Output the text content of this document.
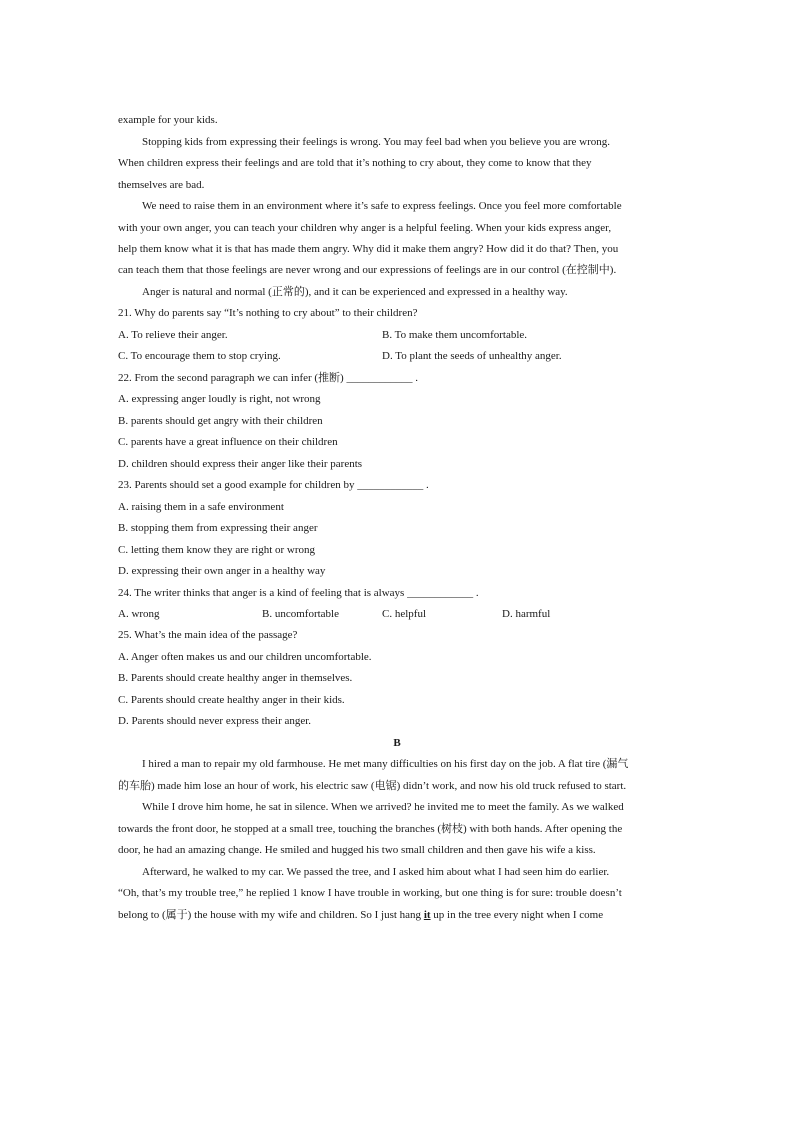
example for your kids.
Stopping kids from expressing their feelings is wrong. You may feel bad when you believe you are wrong.
When children express their feelings and are told that it’s nothing to cry about, they come to know that they
themselves are bad.
We need to raise them in an environment where it’s safe to express feelings. Once you feel more comfortable
with your own anger, you can teach your children why anger is a helpful feeling. When your kids express anger,
help them know what it is that has made them angry. Why did it make them angry? How did it do that? Then, you
can teach them that those feelings are never wrong and our expressions of feelings are in our control (在控制中).
Anger is natural and normal (正常的), and it can be experienced and expressed in a healthy way.
21. Why do parents say “It’s nothing to cry about” to their children?
A. To relieve their anger.	B. To make them uncomfortable.
C. To encourage them to stop crying.	D. To plant the seeds of unhealthy anger.
22. From the second paragraph we can infer (推断) ____________ .
A. expressing anger loudly is right, not wrong
B. parents should get angry with their children
C. parents have a great influence on their children
D. children should express their anger like their parents
23. Parents should set a good example for children by ____________ .
A. raising them in a safe environment
B. stopping them from expressing their anger
C. letting them know they are right or wrong
D. expressing their own anger in a healthy way
24. The writer thinks that anger is a kind of feeling that is always ____________ .
A. wrong	B. uncomfortable	C. helpful	D. harmful
25. What’s the main idea of the passage?
A. Anger often makes us and our children uncomfortable.
B. Parents should create healthy anger in themselves.
C. Parents should create healthy anger in their kids.
D. Parents should never express their anger.
B
I hired a man to repair my old farmhouse. He met many difficulties on his first day on the job. A flat tire (漏气
的车胎) made him lose an hour of work, his electric saw (电锯) didn’t work, and now his old truck refused to start.
While I drove him home, he sat in silence. When we arrived? he invited me to meet the family. As we walked
towards the front door, he stopped at a small tree, touching the branches (树枝) with both hands. After opening the
door, he had an amazing change. He smiled and hugged his two small children and then gave his wife a kiss.
Afterward, he walked to my car. We passed the tree, and I asked him about what I had seen him do earlier.
“Oh, that’s my trouble tree,” he replied 1 know I have trouble in working, but one thing is for sure: trouble doesn’t
belong to (属于) the house with my wife and children. So I just hang it up in the tree every night when I come
